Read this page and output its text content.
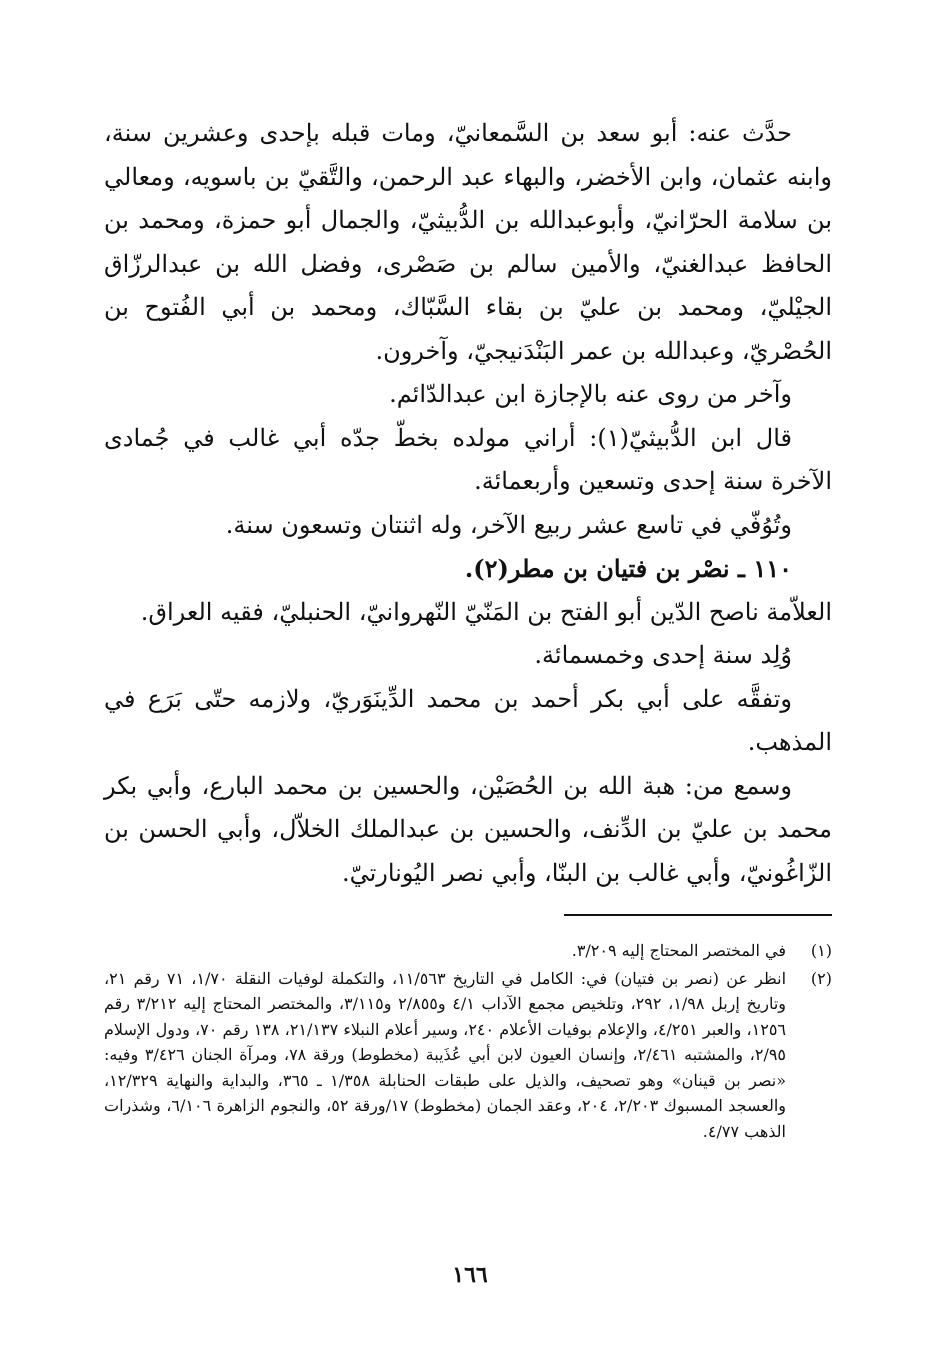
حدَّث عنه: أبو سعد بن السَّمعانيّ، ومات قبله بإحدى وعشرين سنة، وابنه عثمان، وابن الأخضر، والبهاء عبد الرحمن، والتَّقيّ بن باسويه، ومعالي بن سلامة الحرّانيّ، وأبوعبدالله بن الدُّبيثيّ، والجمال أبو حمزة، ومحمد بن الحافظ عبدالغنيّ، والأمين سالم بن صَصْرى، وفضل الله بن عبدالرزّاق الجيْليّ، ومحمد بن عليّ بن بقاء السَّبّاك، ومحمد بن أبي الفُتوح بن الحُصْريّ، وعبدالله بن عمر البَنْدَنيجيّ، وآخرون.

وآخر من روى عنه بالإجازة ابن عبدالدّائم.

قال ابن الدُّبيثيّ(١): أراني مولده بخطّ جدّه أبي غالب في جُمادى الآخرة سنة إحدى وتسعين وأربعمائة.

وتُوُفّي في تاسع عشر ربيع الآخر، وله اثنتان وتسعون سنة.

١١٠ ـ نصْر بن فتيان بن مطر(٢).

العلاّمة ناصح الدّين أبو الفتح بن المَنّيّ النّهروانيّ، الحنبليّ، فقيه العراق.

وُلِد سنة إحدى وخمسمائة.

وتفقَّه على أبي بكر أحمد بن محمد الدِّينَوَريّ، ولازمه حتّى بَرَع في المذهب.

وسمع من: هبة الله بن الحُصَيْن، والحسين بن محمد البارع، وأبي بكر محمد بن عليّ بن الدِّنف، والحسين بن عبدالملك الخلاّل، وأبي الحسن بن الزّاغُونيّ، وأبي غالب بن البنّا، وأبي نصر اليُونارتيّ.

(١)
في المختصر المحتاج إليه ٣/٢٠٩.
(٢)
انظر عن (نصر بن فتيان) في: الكامل في التاريخ ١١/٥٦٣، والتكملة لوفيات النقلة ١/٧٠، ٧١ رقم ٢١، وتاريخ إربل ١/٩٨، ٢٩٢، وتلخيص مجمع الآداب ٤/١ و٢/٨٥٥ و٣/١١٥، والمختصر المحتاج إليه ٣/٢١٢ رقم ١٢٥٦، والعبر ٤/٢٥١، والإعلام بوفيات الأعلام ٢٤٠، وسير أعلام النبلاء ٢١/١٣٧، ١٣٨ رقم ٧٠، ودول الإسلام ٢/٩٥، والمشتبه ٢/٤٦١، وإنسان العيون لابن أبي عُذَيبة (مخطوط) ورقة ٧٨، ومرآة الجنان ٣/٤٢٦ وفيه: «نصر بن قينان» وهو تصحيف، والذيل على طبقات الحنابلة ١/٣٥٨ ـ ٣٦٥، والبداية والنهاية ١٢/٣٢٩، والعسجد المسبوك ٢/٢٠٣، ٢٠٤، وعقد الجمان (مخطوط) ١٧/ورقة ٥٢، والنجوم الزاهرة ٦/١٠٦، وشذرات الذهب ٤/٧٧.
١٦٦
